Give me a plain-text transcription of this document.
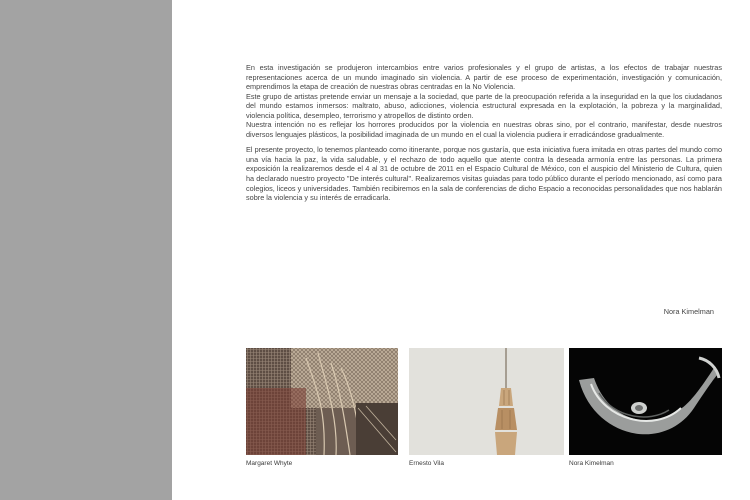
En esta investigación se produjeron intercambios entre varios profesionales y el grupo de artistas, a los efectos de trabajar nuestras representaciones acerca de un mundo imaginado sin violencia. A partir de ese proceso de experimentación, investigación y comunicación, emprendimos la etapa de creación de nuestras obras centradas en la No Violencia.

Este grupo de artistas pretende enviar un mensaje a la sociedad, que parte de la preocupación referida a la inseguridad en la que los ciudadanos del mundo estamos inmersos: maltrato, abuso, adicciones, violencia estructural expresada en la explotación, la pobreza y la marginalidad, violencia política, desempleo, terrorismo y atropellos de distinto orden.

Nuestra intención no es reflejar los horrores producidos por la violencia en nuestras obras sino, por el contrario, manifestar, desde nuestros diversos lenguajes plásticos, la posibilidad imaginada de un mundo en el cual la violencia pudiera ir erradicándose gradualmente.

El presente proyecto, lo tenemos planteado como itinerante, porque nos gustaría, que esta iniciativa fuera imitada en otras partes del mundo como una vía hacia la paz, la vida saludable, y el rechazo de todo aquello que atente contra la deseada armonía entre las personas. La primera exposición la realizaremos desde el 4 al 31 de octubre de 2011 en el Espacio Cultural de México, con el auspicio del Ministerio de Cultura, quien ha declarado nuestro proyecto "De interés cultural". Realizaremos visitas guiadas para todo público durante el período mencionado, así como para colegios, liceos y universidades. También recibiremos en la sala de conferencias de dicho Espacio a reconocidas personalidades que nos hablarán sobre la violencia y su interés de erradicarla.

Nora Kimelman
Margaret Whyte	Ernesto Vila	Nora Kimelman
